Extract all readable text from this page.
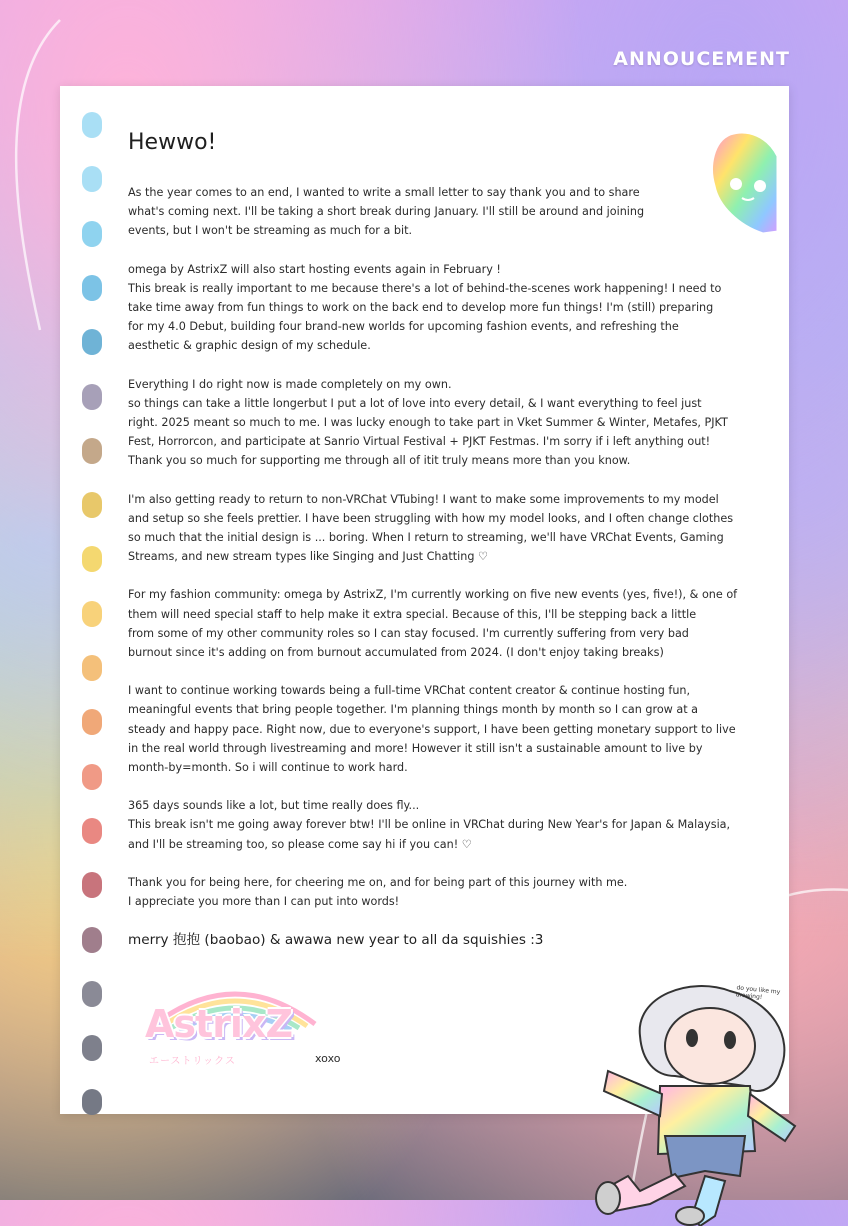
ANNOUCEMENT
Hewwo!

As the year comes to an end, I wanted to write a small letter to say thank you and to share
what's coming next. I'll be taking a short break during January. I'll still be around and joining
events, but I won't be streaming as much for a bit.

omega by AstrixZ will also start hosting events again in February !
This break is really important to me because there's a lot of behind-the-scenes work happening! I need to
take time away from fun things to work on the back end to develop more fun things! I'm (still) preparing
for my 4.0 Debut, building four brand-new worlds for upcoming fashion events, and refreshing the
aesthetic & graphic design of my schedule.

Everything I do right now is made completely on my own.
so things can take a little longerbut I put a lot of love into every detail, & I want everything to feel just
right. 2025 meant so much to me. I was lucky enough to take part in Vket Summer & Winter, Metafes, PJKT
Fest, Horrorcon, and participate at Sanrio Virtual Festival + PJKT Festmas. I'm sorry if i left anything out!
Thank you so much for supporting me through all of itit truly means more than you know.

I'm also getting ready to return to non-VRChat VTubing! I want to make some improvements to my model
and setup so she feels prettier. I have been struggling with how my model looks, and I often change clothes
so much that the initial design is ... boring. When I return to streaming, we'll have VRChat Events, Gaming
Streams, and new stream types like Singing and Just Chatting ♡

For my fashion community: omega by AstrixZ, I'm currently working on five new events (yes, five!), & one of
them will need special staff to help make it extra special. Because of this, I'll be stepping back a little
from some of my other community roles so I can stay focused. I'm currently suffering from very bad
burnout since it's adding on from burnout accumulated from 2024. (I don't enjoy taking breaks)

I want to continue working towards being a full-time VRChat content creator & continue hosting fun,
meaningful events that bring people together. I'm planning things month by month so I can grow at a
steady and happy pace. Right now, due to everyone's support, I have been getting monetary support to live
in the real world through livestreaming and more! However it still isn't a sustainable amount to live by
month-by=month. So i will continue to work hard.

365 days sounds like a lot, but time really does fly...
This break isn't me going away forever btw! I'll be online in VRChat during New Year's for Japan & Malaysia,
and I'll be streaming too, so please come say hi if you can! ♡

Thank you for being here, for cheering me on, and for being part of this journey with me.
I appreciate you more than I can put into words!

merry 抱抱 (baobao) & awawa new year to all da squishies :3

AstrixZ
エーストリックス	xoxo
do you like my drawing!
